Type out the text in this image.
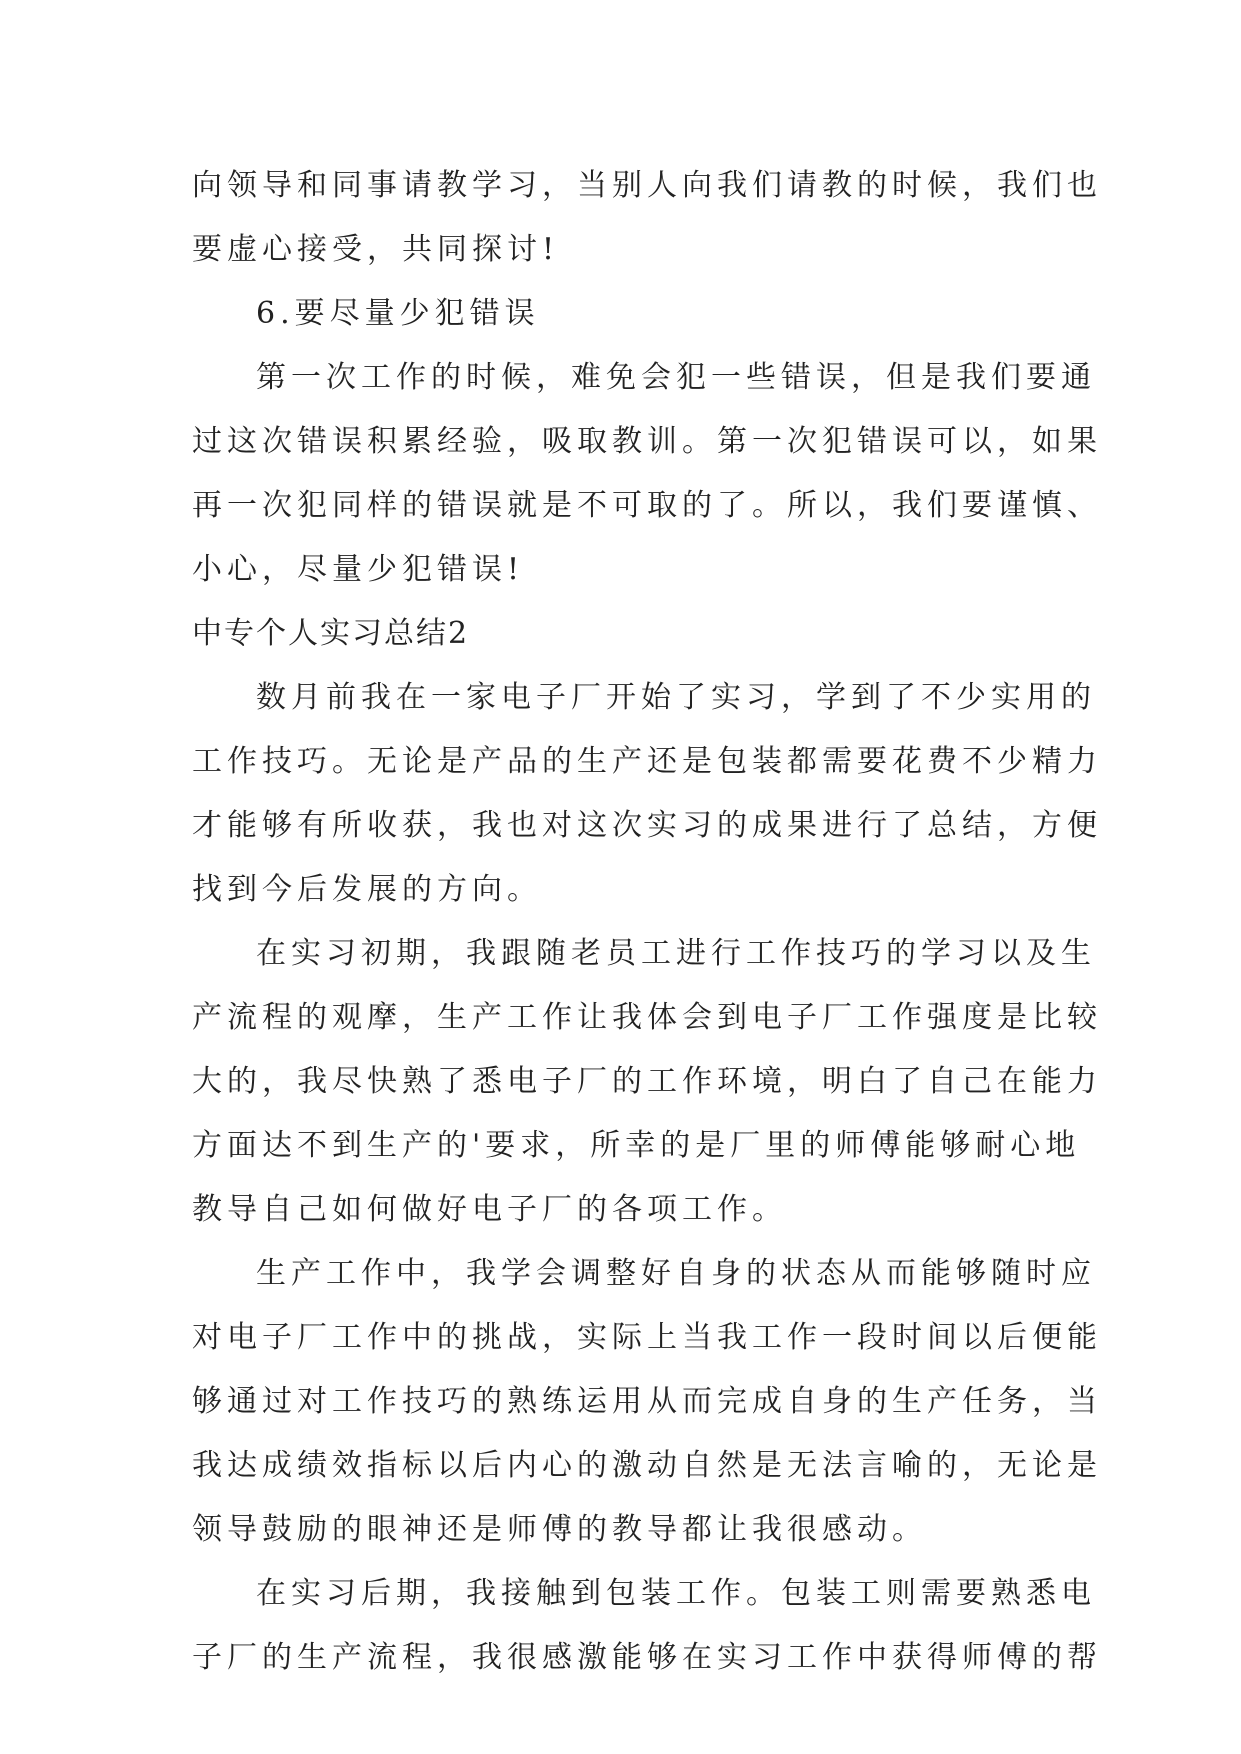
向领导和同事请教学习，当别人向我们请教的时候，我们也
要虚心接受，共同探讨!
6.要尽量少犯错误
第一次工作的时候，难免会犯一些错误，但是我们要通
过这次错误积累经验，吸取教训。第一次犯错误可以，如果
再一次犯同样的错误就是不可取的了。所以，我们要谨慎、
小心，尽量少犯错误!
中专个人实习总结2
数月前我在一家电子厂开始了实习，学到了不少实用的
工作技巧。无论是产品的生产还是包装都需要花费不少精力
才能够有所收获，我也对这次实习的成果进行了总结，方便
找到今后发展的方向。
在实习初期，我跟随老员工进行工作技巧的学习以及生
产流程的观摩，生产工作让我体会到电子厂工作强度是比较
大的，我尽快熟了悉电子厂的工作环境，明白了自己在能力
方面达不到生产的'要求，所幸的是厂里的师傅能够耐心地
教导自己如何做好电子厂的各项工作。
生产工作中，我学会调整好自身的状态从而能够随时应
对电子厂工作中的挑战，实际上当我工作一段时间以后便能
够通过对工作技巧的熟练运用从而完成自身的生产任务，当
我达成绩效指标以后内心的激动自然是无法言喻的，无论是
领导鼓励的眼神还是师傅的教导都让我很感动。
在实习后期，我接触到包装工作。包装工则需要熟悉电
子厂的生产流程，我很感激能够在实习工作中获得师傅的帮
